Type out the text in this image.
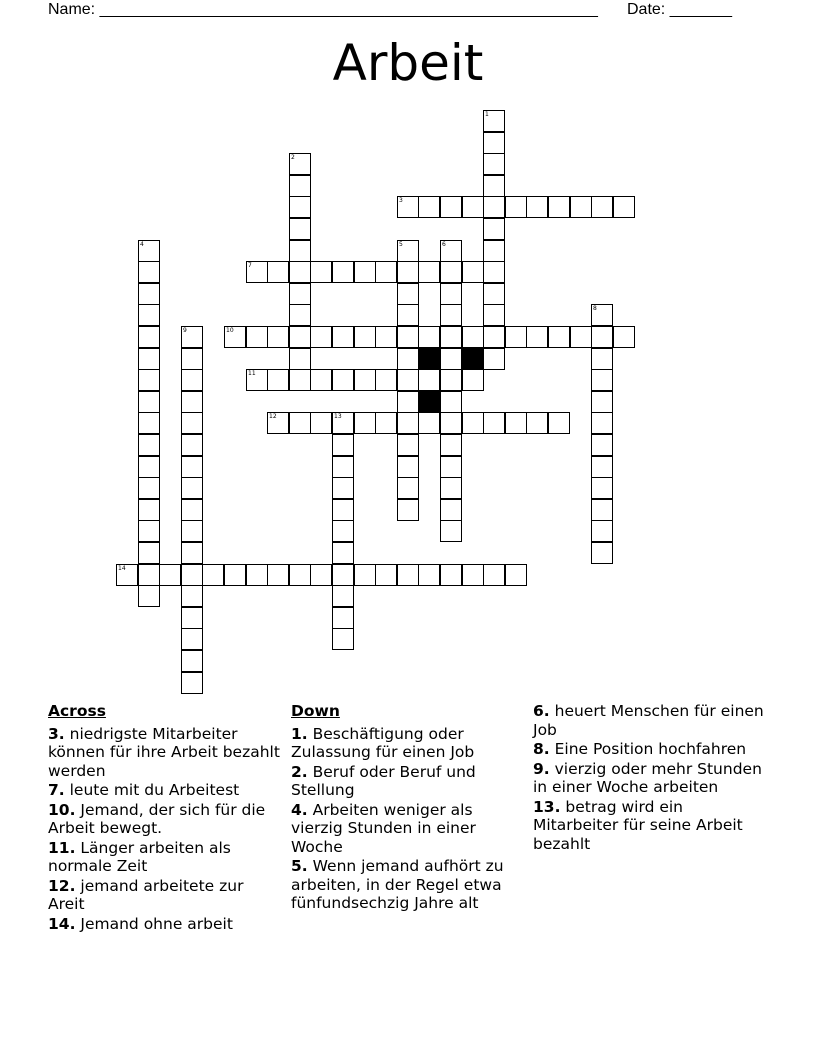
Name: ________________________________________________________ Date: _______
Arbeit
3
7
10
11
12	13
14
1
2
4	5	6
8
9
Across
3. niedrigste Mitarbeiter können für ihre Arbeit bezahlt werden
7. leute mit du Arbeitest
10. Jemand, der sich für die Arbeit bewegt.
11. Länger arbeiten als normale Zeit
12. jemand arbeitete zur Areit
14. Jemand ohne arbeit
Down
1. Beschäftigung oder Zulassung für einen Job
2. Beruf oder Beruf und Stellung
4. Arbeiten weniger als vierzig Stunden in einer Woche
5. Wenn jemand aufhört zu arbeiten, in der Regel etwa fünfundsechzig Jahre alt
6. heuert Menschen für einen Job
8. Eine Position hochfahren
9. vierzig oder mehr Stunden in einer Woche arbeiten
13. betrag wird ein Mitarbeiter für seine Arbeit bezahlt
